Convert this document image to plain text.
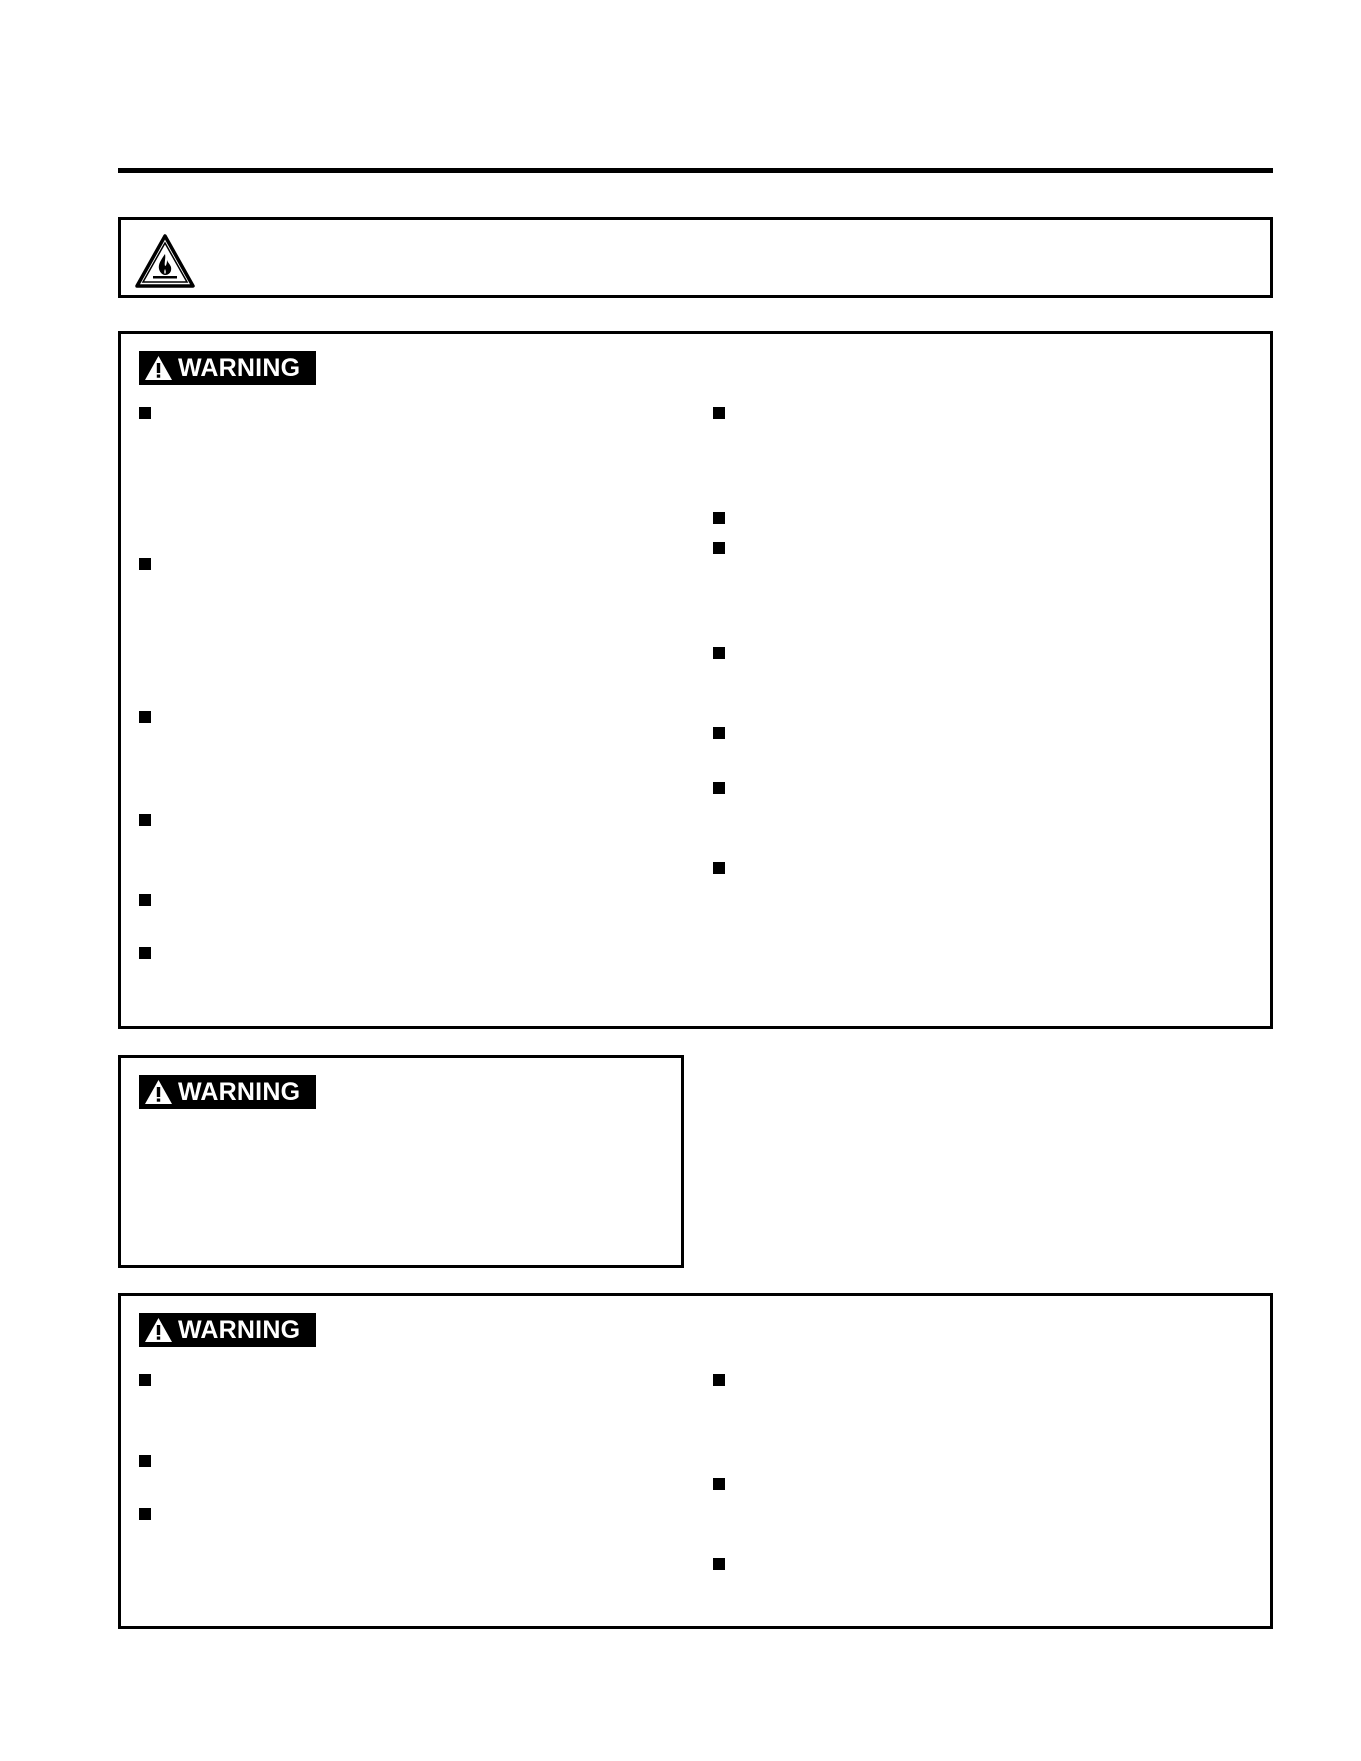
WARNING
WARNING
WARNING
